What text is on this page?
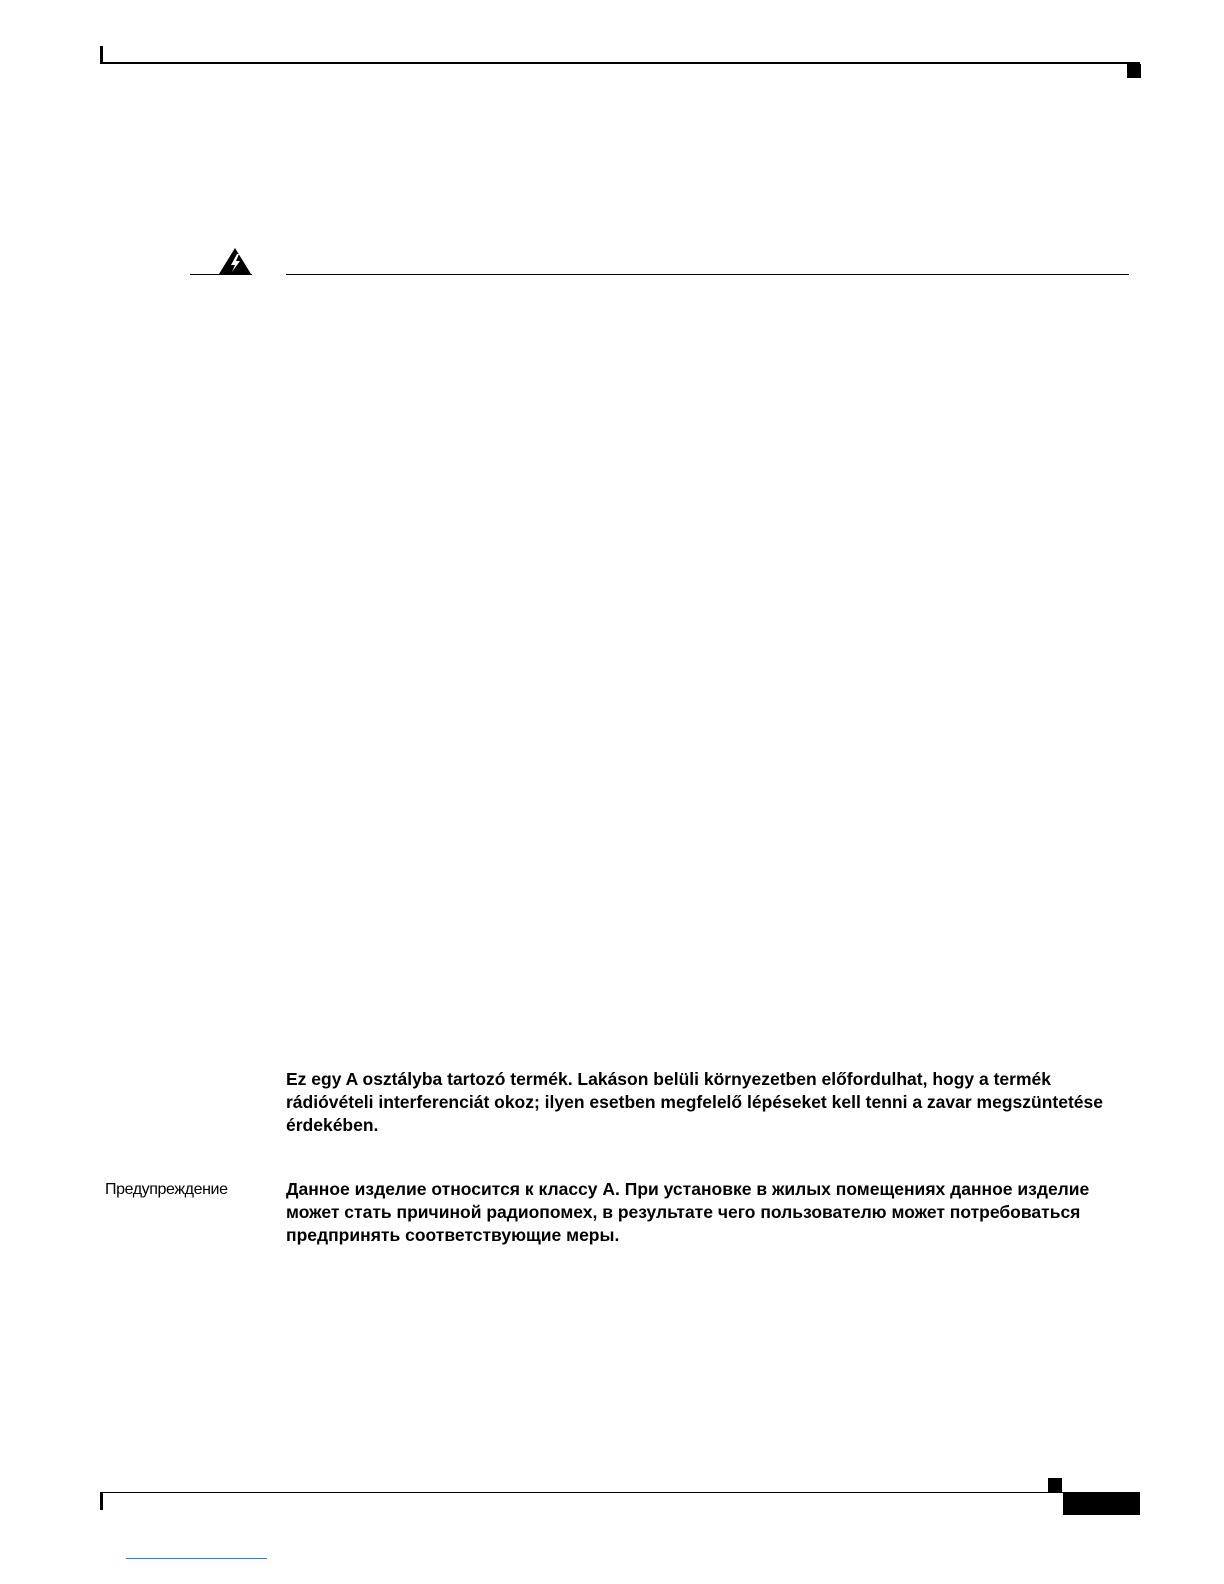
Ez egy A osztályba tartozó termék. Lakáson belüli környezetben előfordulhat, hogy a termék rádióvételi interferenciát okoz; ilyen esetben megfelelő lépéseket kell tenni a zavar megszüntetése érdekében.
Предупреждение	Данное изделие относится к классу А. При установке в жилых помещениях данное изделие может стать причиной радиопомех, в результате чего пользователю может потребоваться предпринять соответствующие меры.
